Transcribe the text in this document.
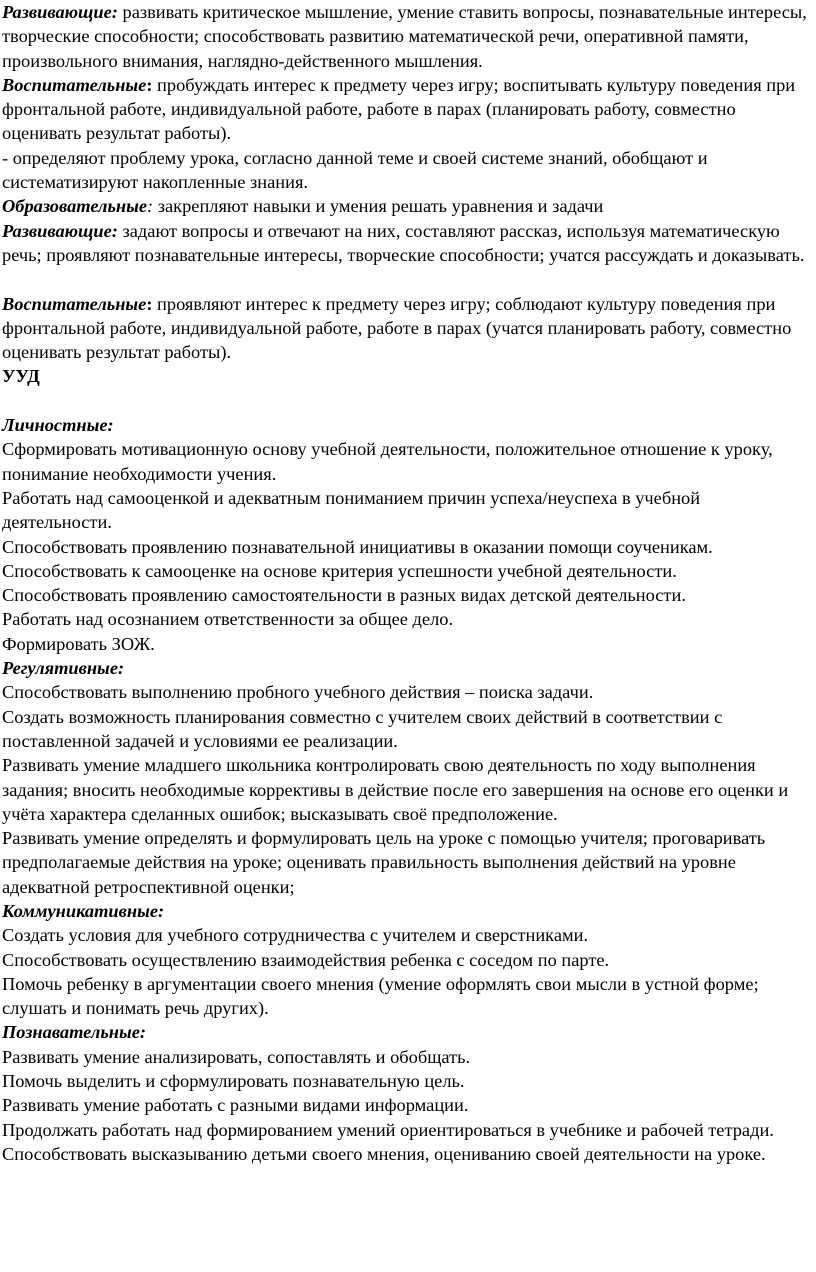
Развивающие: развивать критическое мышление, умение ставить вопросы, познавательные интересы, творческие способности; способствовать развитию математической речи, оперативной памяти, произвольного внимания, наглядно-действенного мышления.

Воспитательные: пробуждать интерес к предмету через игру; воспитывать культуру поведения при фронтальной работе, индивидуальной работе, работе в парах (планировать работу, совместно оценивать результат работы).

- определяют проблему урока, согласно данной теме и своей системе знаний, обобщают и систематизируют накопленные знания.

Образовательные: закрепляют навыки и умения решать уравнения и задачи

Развивающие: задают вопросы и отвечают на них, составляют рассказ, используя математическую речь; проявляют познавательные интересы, творческие способности; учатся рассуждать и доказывать.

Воспитательные: проявляют интерес к предмету через игру; соблюдают культуру поведения при фронтальной работе, индивидуальной работе, работе в парах (учатся планировать работу, совместно оценивать результат работы).

УУД

Личностные:

Сформировать мотивационную основу учебной деятельности, положительное отношение к уроку, понимание необходимости учения.

Работать над самооценкой и адекватным пониманием причин успеха/неуспеха в учебной деятельности.

Способствовать проявлению познавательной инициативы в оказании помощи соученикам.

Способствовать к самооценке на основе критерия успешности учебной деятельности.

Способствовать проявлению самостоятельности в разных видах детской деятельности.

Работать над осознанием ответственности за общее дело.

Формировать ЗОЖ.

Регулятивные:

Способствовать выполнению пробного учебного действия – поиска задачи.

Создать возможность планирования совместно с учителем своих действий в соответствии с поставленной задачей и условиями ее реализации.

Развивать умение младшего школьника контролировать свою деятельность по ходу выполнения задания; вносить необходимые коррективы в действие после его завершения на основе его оценки и учёта характера сделанных ошибок; высказывать своё предположение.

Развивать умение определять и формулировать цель на уроке с помощью учителя; проговаривать предполагаемые действия на уроке; оценивать правильность выполнения действий на уровне адекватной ретроспективной оценки;

Коммуникативные:

Создать условия для учебного сотрудничества с учителем и сверстниками.

Способствовать осуществлению взаимодействия ребенка с соседом по парте.

Помочь ребенку в аргументации своего мнения (умение оформлять свои мысли в устной форме; слушать и понимать речь других).

Познавательные:

Развивать умение анализировать, сопоставлять и обобщать.

Помочь выделить и сформулировать познавательную цель.

Развивать умение работать с разными видами информации.

Продолжать работать над формированием умений ориентироваться в учебнике и рабочей тетради.

Способствовать высказыванию детьми своего мнения, оцениванию своей деятельности на уроке.
